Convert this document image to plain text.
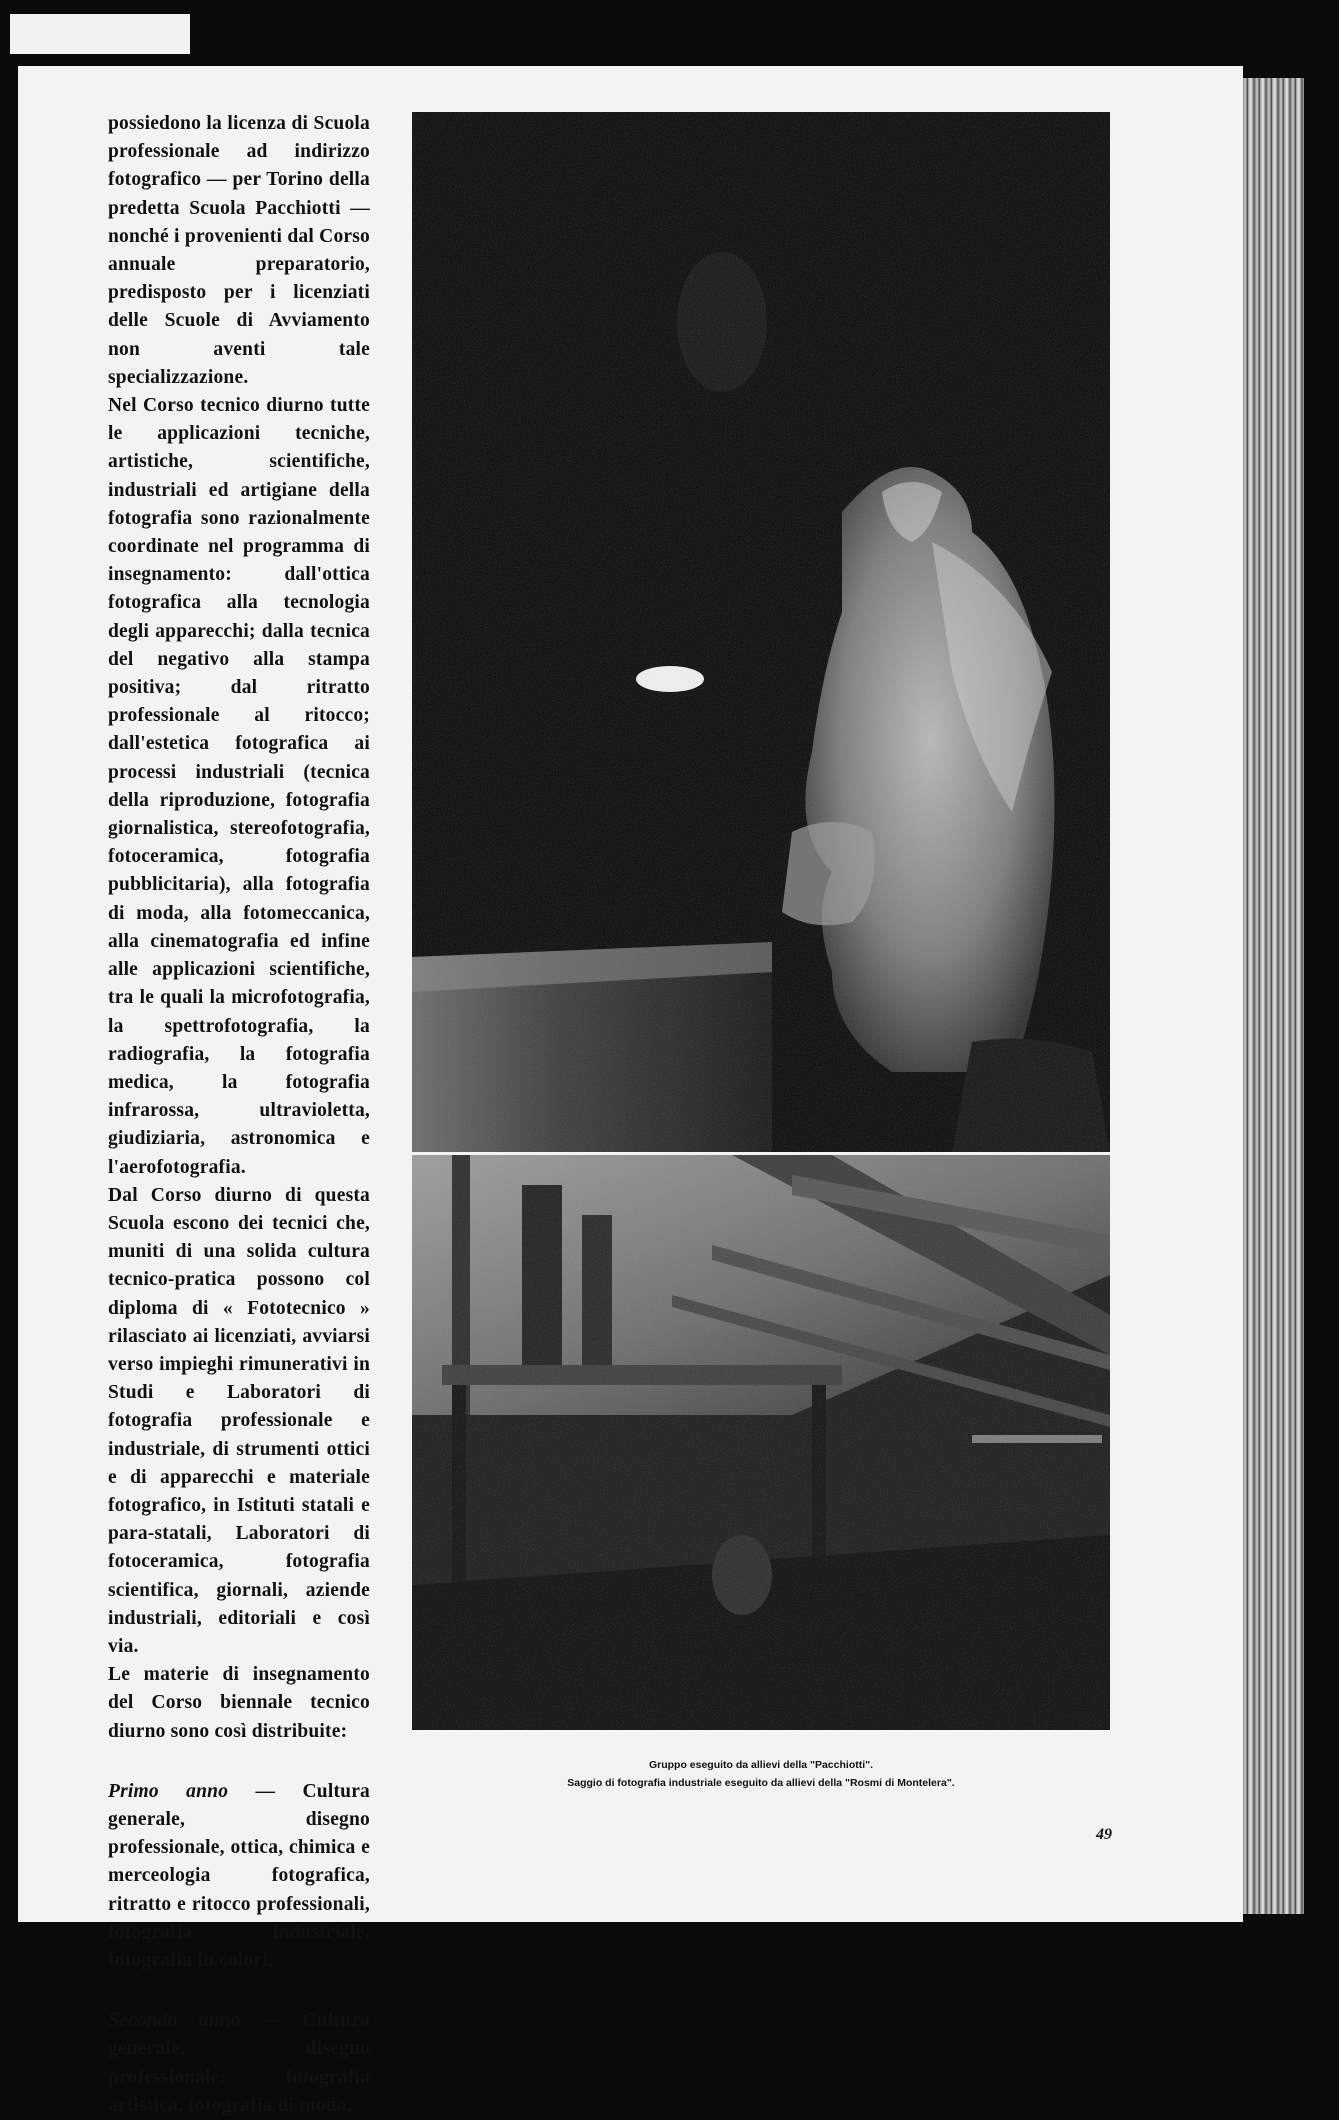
possiedono la licenza di Scuola professionale ad indirizzo fotografico — per Torino della predetta Scuola Pacchiotti — nonché i provenienti dal Corso annuale preparatorio, predisposto per i licenziati delle Scuole di Avviamento non aventi tale specializzazione.

Nel Corso tecnico diurno tutte le applicazioni tecniche, artistiche, scientifiche, industriali ed artigiane della fotografia sono razionalmente coordinate nel programma di insegnamento: dall'ottica fotografica alla tecnologia degli apparecchi; dalla tecnica del negativo alla stampa positiva; dal ritratto professionale al ritocco; dall'estetica fotografica ai processi industriali (tecnica della riproduzione, fotografia giornalistica, stereofotografia, fotoceramica, fotografia pubblicitaria), alla fotografia di moda, alla fotomeccanica, alla cinematografia ed infine alle applicazioni scientifiche, tra le quali la microfotografia, la spettrofotografia, la radiografia, la fotografia medica, la fotografia infrarossa, ultravioletta, giudiziaria, astronomica e l'aerofotografia.

Dal Corso diurno di questa Scuola escono dei tecnici che, muniti di una solida cultura tecnico-pratica possono col diploma di « Fototecnico » rilasciato ai licenziati, avviarsi verso impieghi rimunerativi in Studi e Laboratori di fotografia professionale e industriale, di strumenti ottici e di apparecchi e materiale fotografico, in Istituti statali e para-statali, Laboratori di fotoceramica, fotografia scientifica, giornali, aziende industriali, editoriali e così via.

Le materie di insegnamento del Corso biennale tecnico diurno sono così distribuite:

Primo anno — Cultura generale, disegno professionale, ottica, chimica e merceologia fotografica, ritratto e ritocco professionali, fotografia industriale, fotografia in colori.

Secondo anno — Cultura generale, disegno professionale, fotografia artistica, fotografia di moda,

Gruppo eseguito da allievi della "Pacchiotti".
Saggio di fotografia industriale eseguito da allievi della "Rosmi di Montelera".
49
